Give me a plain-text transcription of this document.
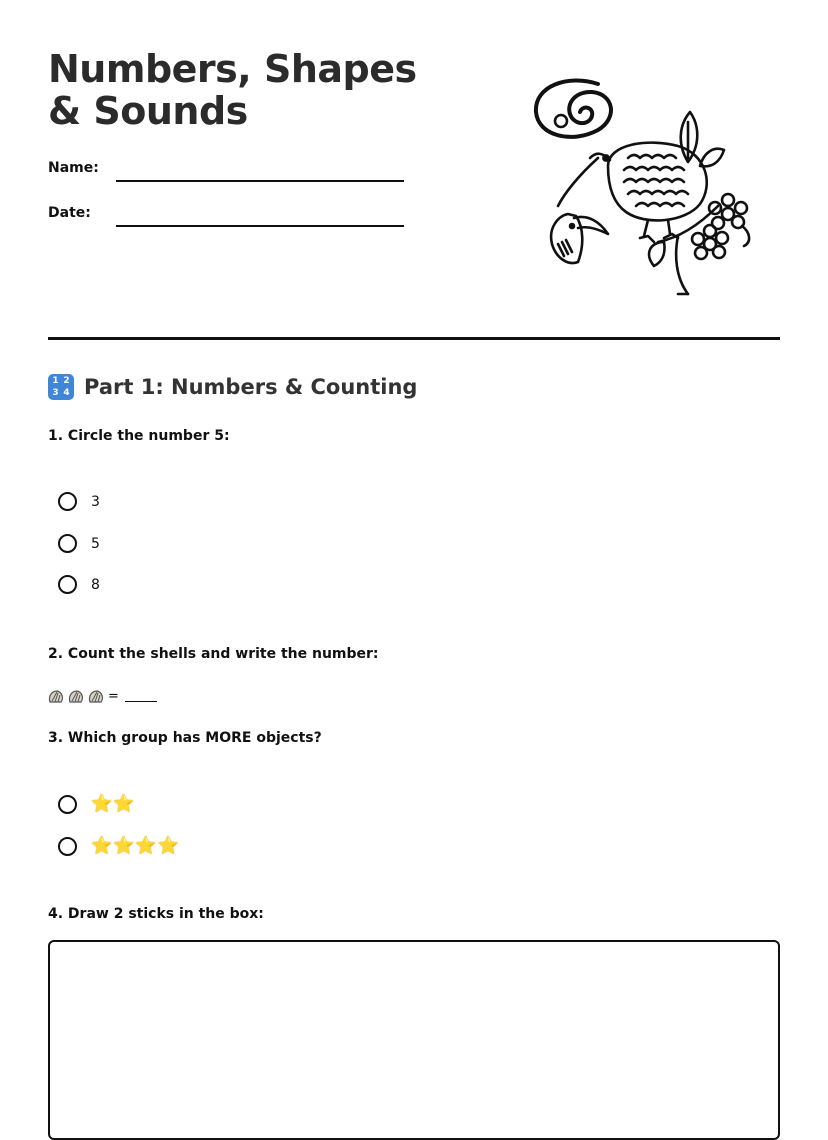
Numbers, Shapes & Sounds
Name:
Date:
1 2
3 4 Part 1: Numbers & Counting
1. Circle the number 5:
3
5
8
2. Count the shells and write the number:
=
3. Which group has MORE objects?
⭐⭐
⭐⭐⭐⭐
4. Draw 2 sticks in the box:
